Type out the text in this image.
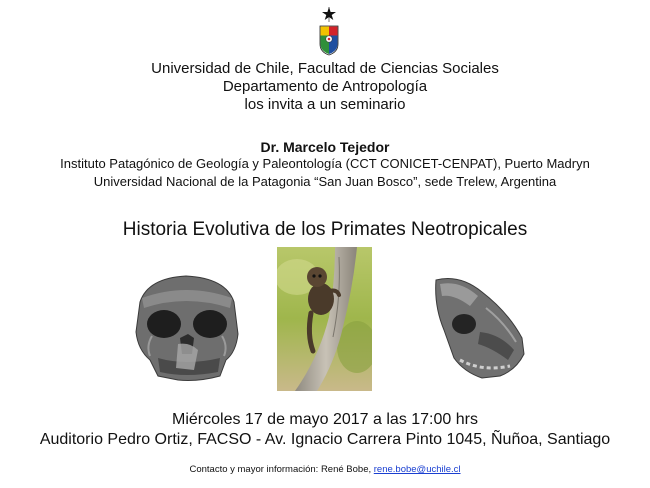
Universidad de Chile, Facultad de Ciencias Sociales
Departamento de Antropología
los invita a un seminario
Dr. Marcelo Tejedor
Instituto Patagónico de Geología y Paleontología (CCT CONICET-CENPAT), Puerto Madryn
Universidad Nacional de la Patagonia “San Juan Bosco”, sede Trelew, Argentina
Historia Evolutiva de los Primates Neotropicales
Miércoles 17 de mayo 2017 a las 17:00 hrs
Auditorio Pedro Ortiz, FACSO - Av. Ignacio Carrera Pinto 1045, Ñuñoa, Santiago
Contacto y mayor información: René Bobe, rene.bobe@uchile.cl
